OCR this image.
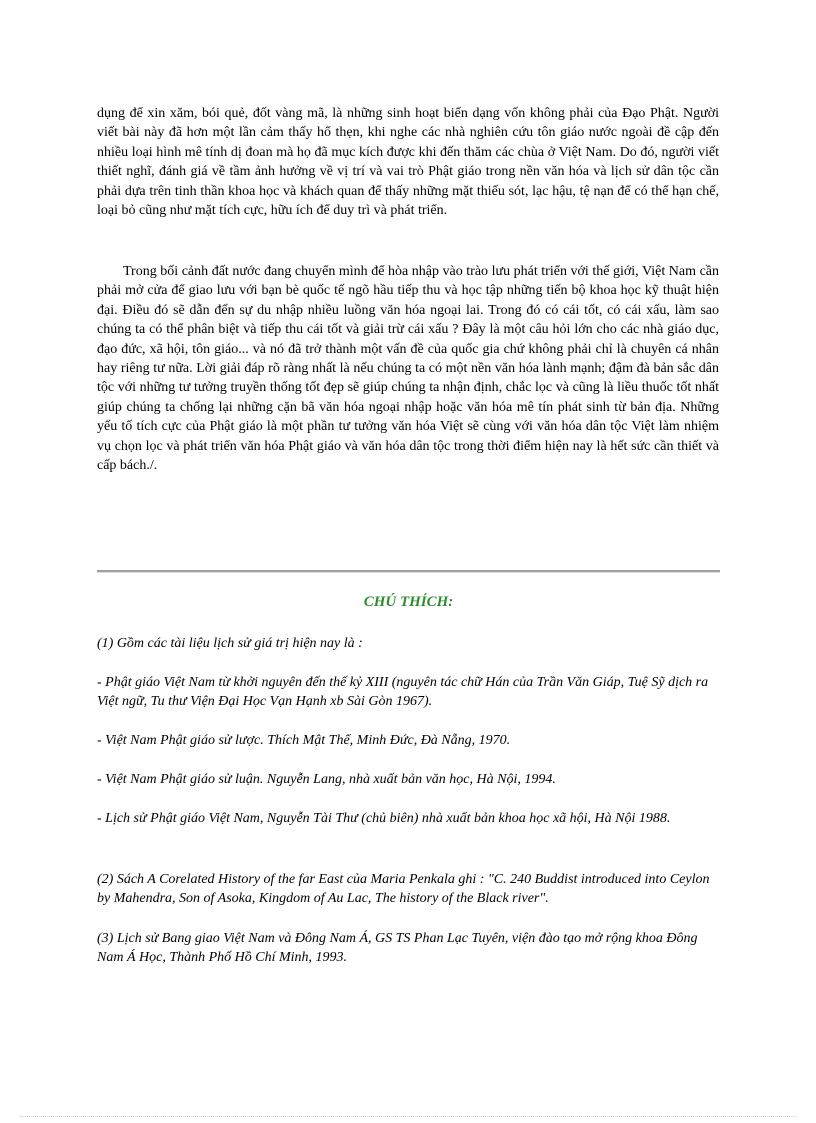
dụng để xin xăm, bói quẻ, đốt vàng mã, là những sinh hoạt biến dạng vốn không phải của Đạo Phật. Người viết bài này đã hơn một lần cảm thấy hổ thẹn, khi nghe các nhà nghiên cứu tôn giáo nước ngoài đề cập đến nhiều loại hình mê tính dị đoan mà họ đã mục kích được khi đến thăm các chùa ở Việt Nam. Do đó, người viết thiết nghĩ, đánh giá về tầm ảnh hưởng về vị trí và vai trò Phật giáo trong nền văn hóa và lịch sử dân tộc cần phải dựa trên tinh thần khoa học và khách quan để thấy những mặt thiếu sót, lạc hậu, tệ nạn để có thể hạn chế, loại bỏ cũng như mặt tích cực, hữu ích để duy trì và phát triển.

Trong bối cảnh đất nước đang chuyển mình để hòa nhập vào trào lưu phát triển với thế giới, Việt Nam cần phải mở cửa để giao lưu với bạn bè quốc tế ngõ hầu tiếp thu và học tập những tiến bộ khoa học kỹ thuật hiện đại. Điều đó sẽ dẫn đến sự du nhập nhiều luồng văn hóa ngoại lai. Trong đó có cái tốt, có cái xấu, làm sao chúng ta có thể phân biệt và tiếp thu cái tốt và giải trừ cái xấu ? Đây là một câu hỏi lớn cho các nhà giáo dục, đạo đức, xã hội, tôn giáo... và nó đã trở thành một vấn đề của quốc gia chứ không phải chỉ là chuyên cá nhân hay riêng tư nữa. Lời giải đáp rõ ràng nhất là nếu chúng ta có một nền văn hóa lành mạnh; đậm đà bản sắc dân tộc với những tư tưởng truyền thống tốt đẹp sẽ giúp chúng ta nhận định, chắc lọc và cũng là liều thuốc tốt nhất giúp chúng ta chống lại những cặn bã văn hóa ngoại nhập hoặc văn hóa mê tín phát sinh từ bản địa. Những yếu tố tích cực của Phật giáo là một phần tư tưởng văn hóa Việt sẽ cùng với văn hóa dân tộc Việt làm nhiệm vụ chọn lọc và phát triển văn hóa Phật giáo và văn hóa dân tộc trong thời điểm hiện nay là hết sức cần thiết và cấp bách./.

CHÚ THÍCH:

(1) Gồm các tài liệu lịch sử giá trị hiện nay là :

- Phật giáo Việt Nam từ khởi nguyên đến thế kỷ XIII (nguyên tác chữ Hán của Trần Văn Giáp, Tuệ Sỹ dịch ra Việt ngữ, Tu thư Viện Đại Học Vạn Hạnh xb Sài Gòn 1967).

- Việt Nam Phật giáo sử lược. Thích Mật Thể, Minh Đức, Đà Nẵng, 1970.

- Việt Nam Phật giáo sử luận. Nguyễn Lang, nhà xuất bản văn học, Hà Nội, 1994.

- Lịch sử Phật giáo Việt Nam, Nguyễn Tài Thư (chủ biên) nhà xuất bản khoa học xã hội, Hà Nội 1988.

(2) Sách A Corelated History of the far East của Maria Penkala ghi : "C. 240 Buddist introduced into Ceylon by Mahendra, Son of Asoka, Kingdom of Au Lac, The history of the Black river".

(3) Lịch sử Bang giao Việt Nam và Đông Nam Á, GS TS Phan Lạc Tuyên, viện đào tạo mở rộng khoa Đông Nam Á Học, Thành Phố Hồ Chí Minh, 1993.
